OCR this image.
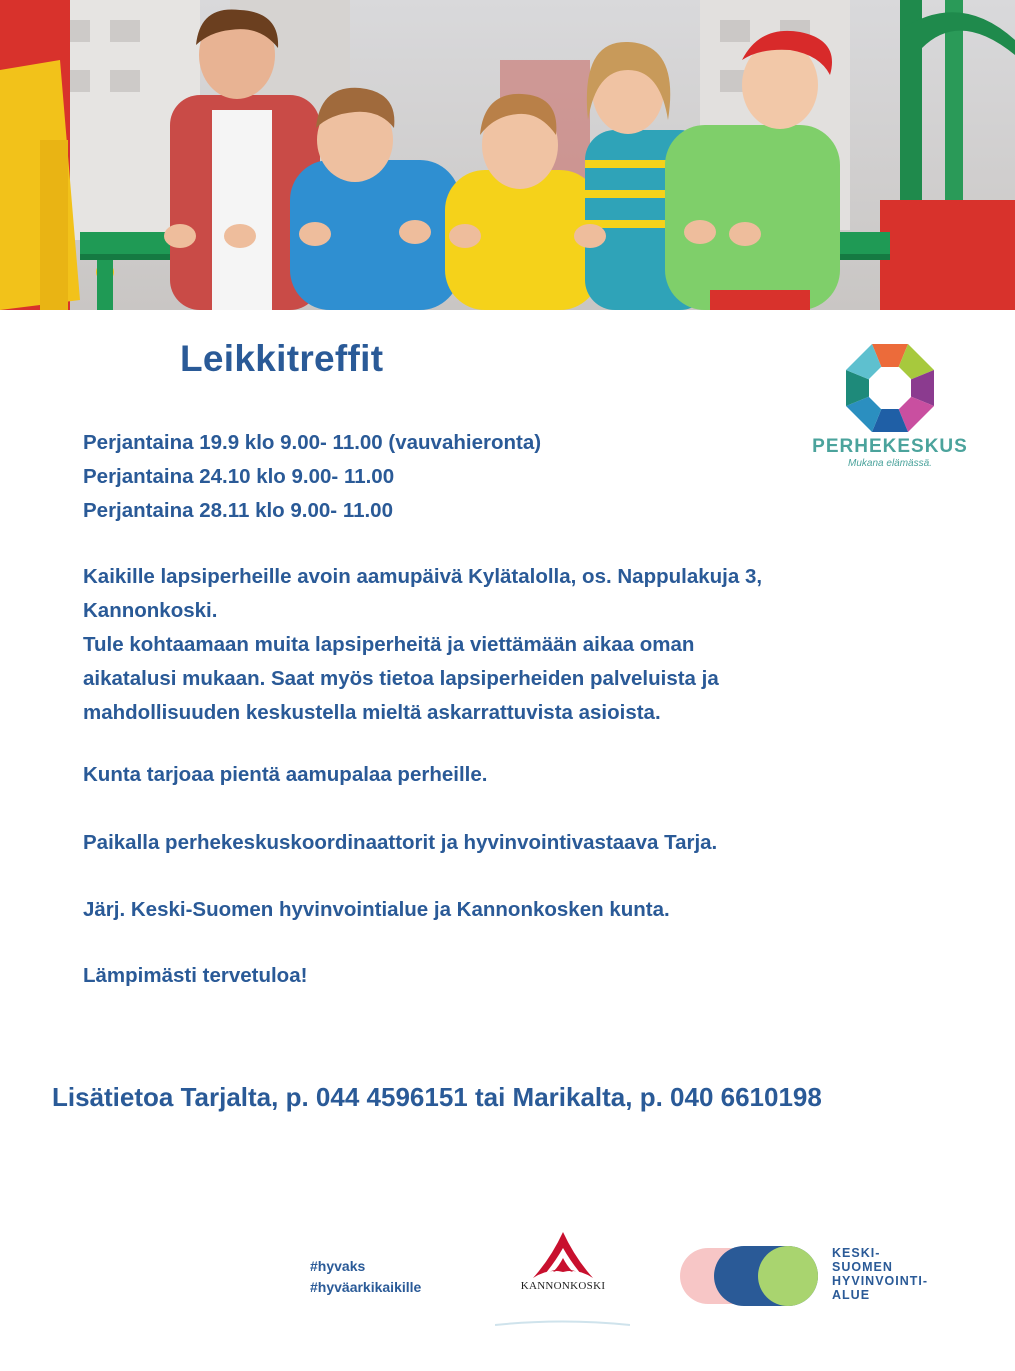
Leikkitreffit
PERHEKESKUS
Mukana elämässä.
Perjantaina 19.9 klo 9.00- 11.00 (vauvahieronta)
Perjantaina 24.10 klo 9.00- 11.00
Perjantaina 28.11 klo 9.00- 11.00
Kaikille lapsiperheille avoin aamupäivä Kylätalolla, os. Nappulakuja 3,
Kannonkoski.
Tule kohtaamaan muita lapsiperheitä ja viettämään aikaa oman
aikatalusi mukaan. Saat myös tietoa lapsiperheiden palveluista ja
mahdollisuuden keskustella mieltä askarrattuvista asioista.
Kunta tarjoaa pientä aamupalaa perheille.
Paikalla perhekeskuskoordinaattorit ja hyvinvointivastaava Tarja.
Järj. Keski-Suomen hyvinvointialue ja Kannonkosken kunta.
Lämpimästi tervetuloa!

Lisätietoa Tarjalta, p. 044 4596151 tai Marikalta, p. 040 6610198

#hyvaks
#hyväarkikaikille	KANNONKOSKI
KESKI-
SUOMEN
HYVINVOINTI-
ALUE
